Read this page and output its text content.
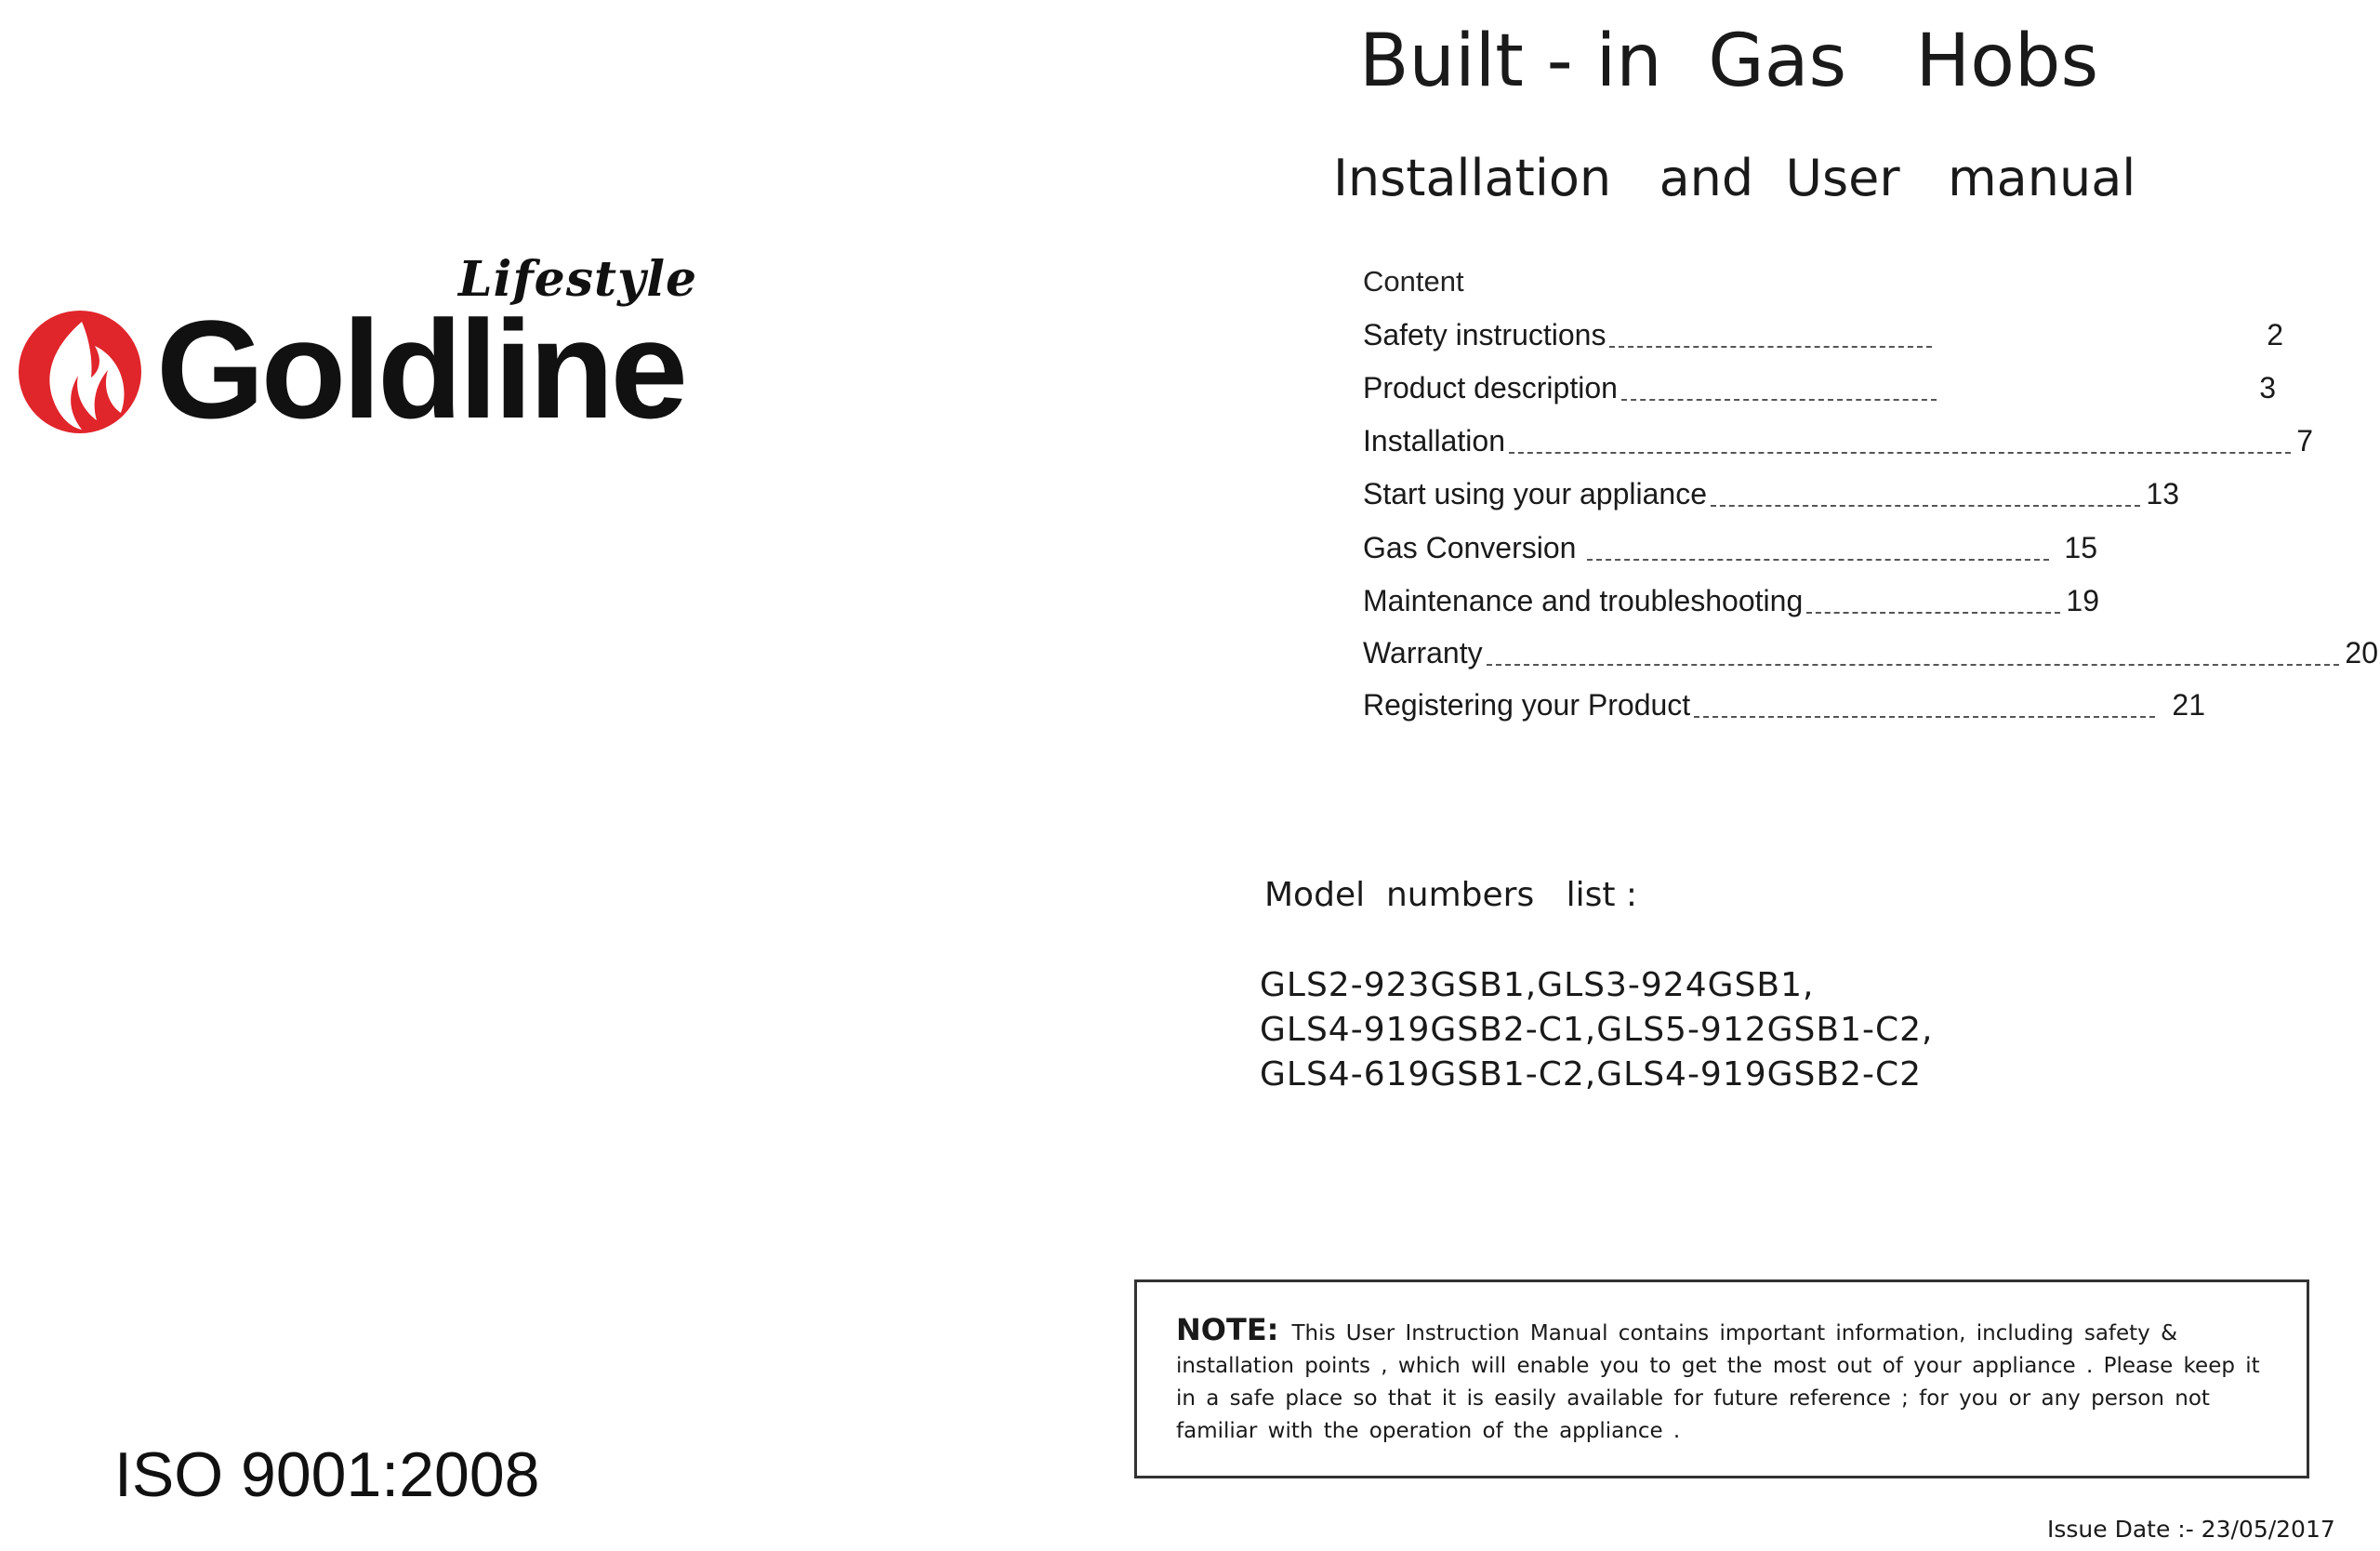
Goldline
Lifestyle
ISO 9001:2008
Built - in  Gas   Hobs
Installation   and  User   manual
Content
Safety instructions	2
Product description	3
Installation	7
Start using your appliance	13
Gas Conversion	15
Maintenance and troubleshooting	19
Warranty	20
Registering your Product	21
Model  numbers   list :
GLS2-923GSB1,GLS3-924GSB1,
GLS4-919GSB2-C1,GLS5-912GSB1-C2,
GLS4-619GSB1-C2,GLS4-919GSB2-C2
NOTE: This User Instruction Manual contains important information, including safety & installation points , which will enable you to get the most out of your appliance . Please keep it in a safe place so that it is easily available for future reference ; for you or any person not familiar with the operation of the appliance .
Issue Date :- 23/05/2017
